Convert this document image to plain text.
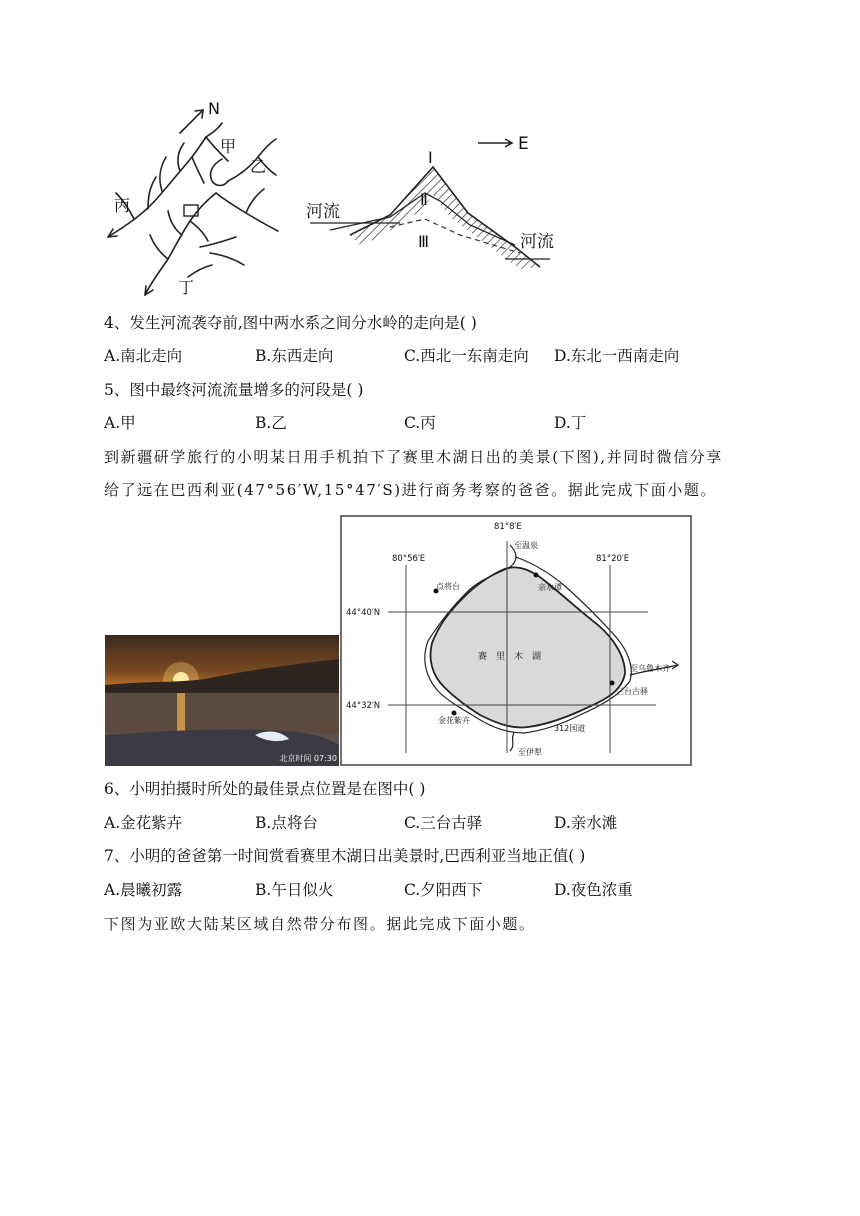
N
甲
乙
丙
丁
E
Ⅰ
Ⅱ
Ⅲ
河流
河流
4、发生河流袭夺前,图中两水系之间分水岭的走向是( )
A.南北走向	B.东西走向	C.西北一东南走向 D.东北一西南走向
5、图中最终河流流量增多的河段是( )
A.甲	B.乙	C.丙	D.丁
到新疆研学旅行的小明某日用手机拍下了赛里木湖日出的美景(下图),并同时微信分享
给了远在巴西利亚(47°56′W,15°47′S)进行商务考察的爸爸。据此完成下面小题。
北京时间 07:30
80°56′E
81°8′E
81°20′E
44°40′N
44°32′N
赛　里　木　湖
至温泉
点将台	亲水谭
至乌鲁木齐
三台古驿
金花紫卉
312国道
至伊犁
6、小明拍摄时所处的最佳景点位置是在图中( )
A.金花紫卉	B.点将台	C.三台古驿	D.亲水滩
7、小明的爸爸第一时间赏看赛里木湖日出美景时,巴西利亚当地正值( )
A.晨曦初露	B.午日似火	C.夕阳西下	D.夜色浓重
下图为亚欧大陆某区域自然带分布图。据此完成下面小题。
